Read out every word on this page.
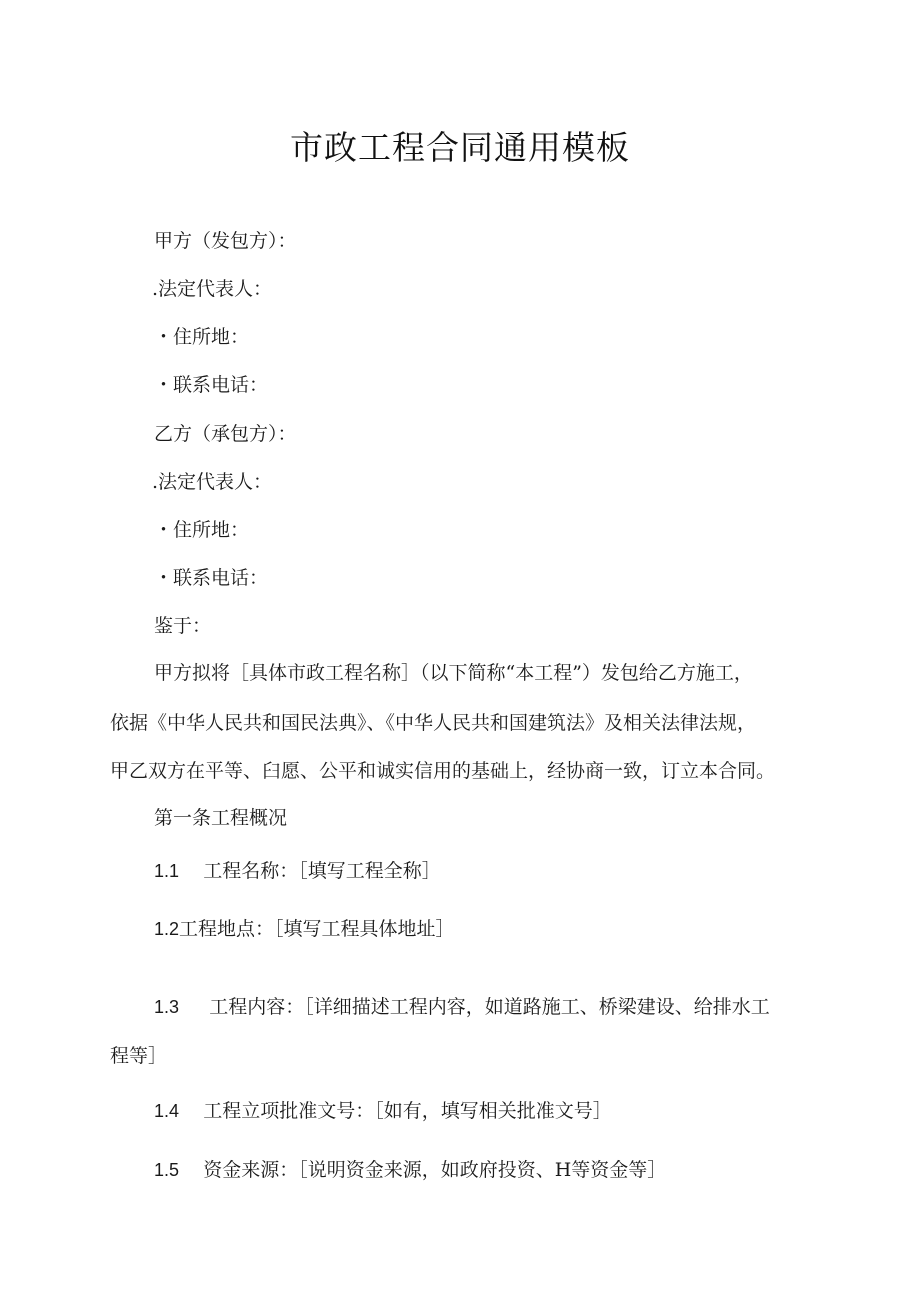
市政工程合同通用模板
甲方（发包方）：
.法定代表人：
・住所地：
・联系电话：
乙方（承包方）：
.法定代表人：
・住所地：
・联系电话：
鉴于：
甲方拟将［具体市政工程名称］（以下简称“本工程”）发包给乙方施工，
依据《中华人民共和国民法典》、《中华人民共和国建筑法》及相关法律法规，
甲乙双方在平等、臼愿、公平和诚实信用的基础上，经协商一致，订立本合同。
第一条工程概况
1.1 工程名称：［填写工程全称］
1.2工程地点：［填写工程具体地址］
1.3 工程内容：［详细描述工程内容，如道路施工、桥梁建设、给排水工
程等］
1.4 工程立项批准文号：［如有，填写相关批准文号］
1.5 资金来源：［说明资金来源，如政府投资、H等资金等］
